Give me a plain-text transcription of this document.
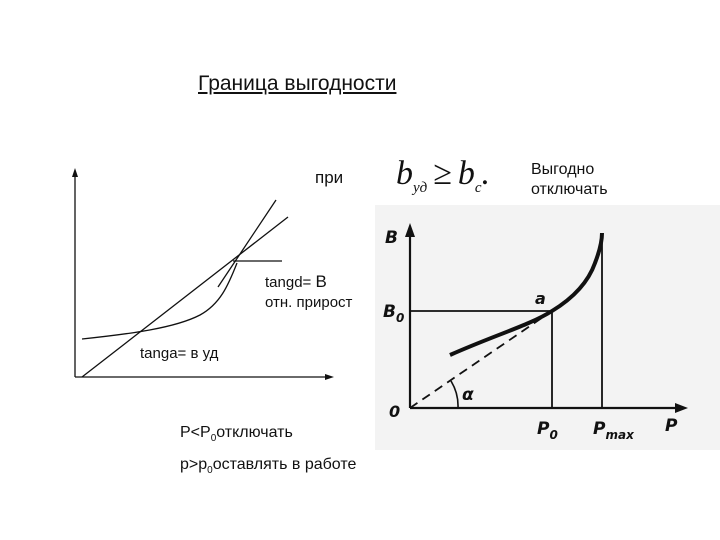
Граница выгодности
при $b_{уд} \ge b_c$.	Выгодно
отключать
tangd= В отн. прирост
tanga= в уд
B
$B_0$
0
a
α
$P_0$ $P_{max}$ P
$P<P_0отключать$
$p>p_0оставлять$ в работе
